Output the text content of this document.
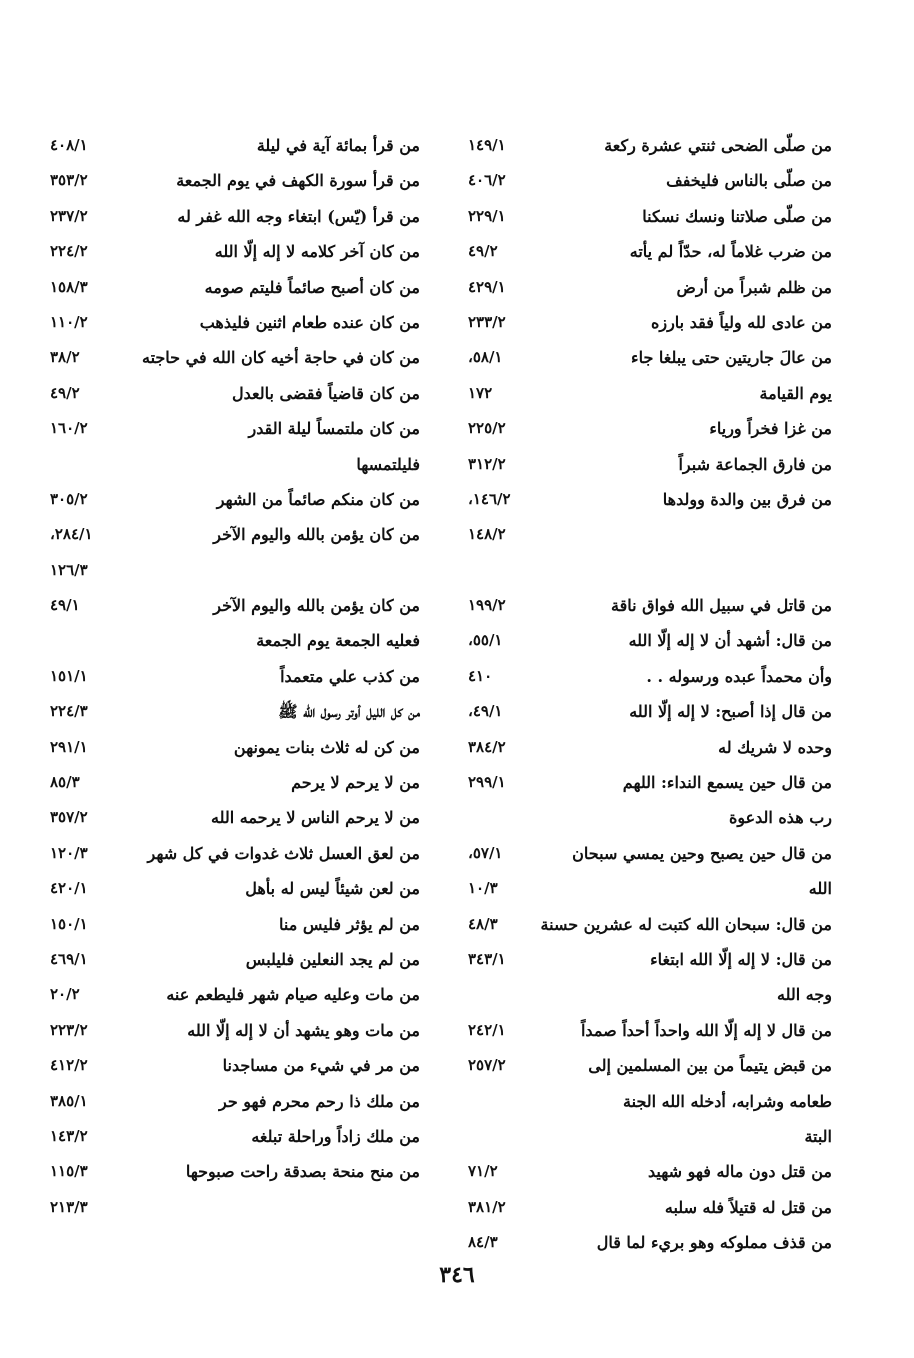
من صلّى الضحى ثنتي عشرة ركعة
١٤٩/١
من صلّى بالناس فليخفف
٤٠٦/٢
من صلّى صلاتنا ونسك نسكنا
٢٢٩/١
من ضرب غلاماً له، حدّاً لم يأته
٤٩/٢
من ظلم شبراً من أرض
٤٢٩/١
من عادى لله ولياً فقد بارزه
٢٣٣/٢
من عالَ جاريتين حتى يبلغا جاء
٥٨/١،
يوم القيامة
١٧٢
من غزا فخراً ورياء
٢٢٥/٢
من فارق الجماعة شبراً
٣١٢/٢
من فرق بين والدة وولدها
١٤٦/٢،
١٤٨/٢
من قاتل في سبيل الله فواق ناقة
١٩٩/٢
من قال: أشهد أن لا إله إلّا الله
٥٥/١،
وأن محمداً عبده ورسوله . .
٤١٠
من قال إذا أصبح: لا إله إلّا الله
٤٩/١،
وحده لا شريك له
٣٨٤/٢
من قال حين يسمع النداء: اللهم
٢٩٩/١
رب هذه الدعوة
من قال حين يصبح وحين يمسي سبحان
٥٧/١،
الله
١٠/٣
من قال: سبحان الله كتبت له عشرين حسنة
٤٨/٣
من قال: لا إله إلّا الله ابتغاء
٣٤٣/١
وجه الله
من قال لا إله إلّا الله واحداً أحداً صمداً
٢٤٢/١
من قبض يتيماً من بين المسلمين إلى
٢٥٧/٢
طعامه وشرابه، أدخله الله الجنة
البتة
من قتل دون ماله فهو شهيد
٧١/٢
من قتل له قتيلاً فله سلبه
٣٨١/٢
من قذف مملوكه وهو بريء لما قال
٨٤/٣
من قرأ بمائة آية في ليلة
٤٠٨/١
من قرأ سورة الكهف في يوم الجمعة
٣٥٣/٢
من قرأ (يّس) ابتغاء وجه الله غفر له
٢٣٧/٢
من كان آخر كلامه لا إله إلّا الله
٢٢٤/٢
من كان أصبح صائماً فليتم صومه
١٥٨/٣
من كان عنده طعام اثنين فليذهب
١١٠/٢
من كان في حاجة أخيه كان الله في حاجته
٣٨/٢
من كان قاضياً فقضى بالعدل
٤٩/٢
من كان ملتمساً ليلة القدر
١٦٠/٢
فليلتمسها
من كان منكم صائماً من الشهر
٣٠٥/٢
من كان يؤمن بالله واليوم الآخر
٢٨٤/١،
١٢٦/٣
من كان يؤمن بالله واليوم الآخر
٤٩/١
فعليه الجمعة يوم الجمعة
من كذب علي متعمداً
١٥١/١
من كل الليل أوتر رسول الله ﷺ
٢٢٤/٣
من كن له ثلاث بنات يمونهن
٢٩١/١
من لا يرحم لا يرحم
٨٥/٣
من لا يرحم الناس لا يرحمه الله
٣٥٧/٢
من لعق العسل ثلاث غدوات في كل شهر
١٢٠/٣
من لعن شيئاً ليس له بأهل
٤٢٠/١
من لم يؤثر فليس منا
١٥٠/١
من لم يجد النعلين فليلبس
٤٦٩/١
من مات وعليه صيام شهر فليطعم عنه
٢٠/٢
من مات وهو يشهد أن لا إله إلّا الله
٢٢٣/٢
من مر في شيء من مساجدنا
٤١٢/٢
من ملك ذا رحم محرم فهو حر
٣٨٥/١
من ملك زاداً وراحلة تبلغه
١٤٣/٢
من منح منحة بصدقة راحت صبوحها
١١٥/٣
٢١٣/٣
٣٤٦
